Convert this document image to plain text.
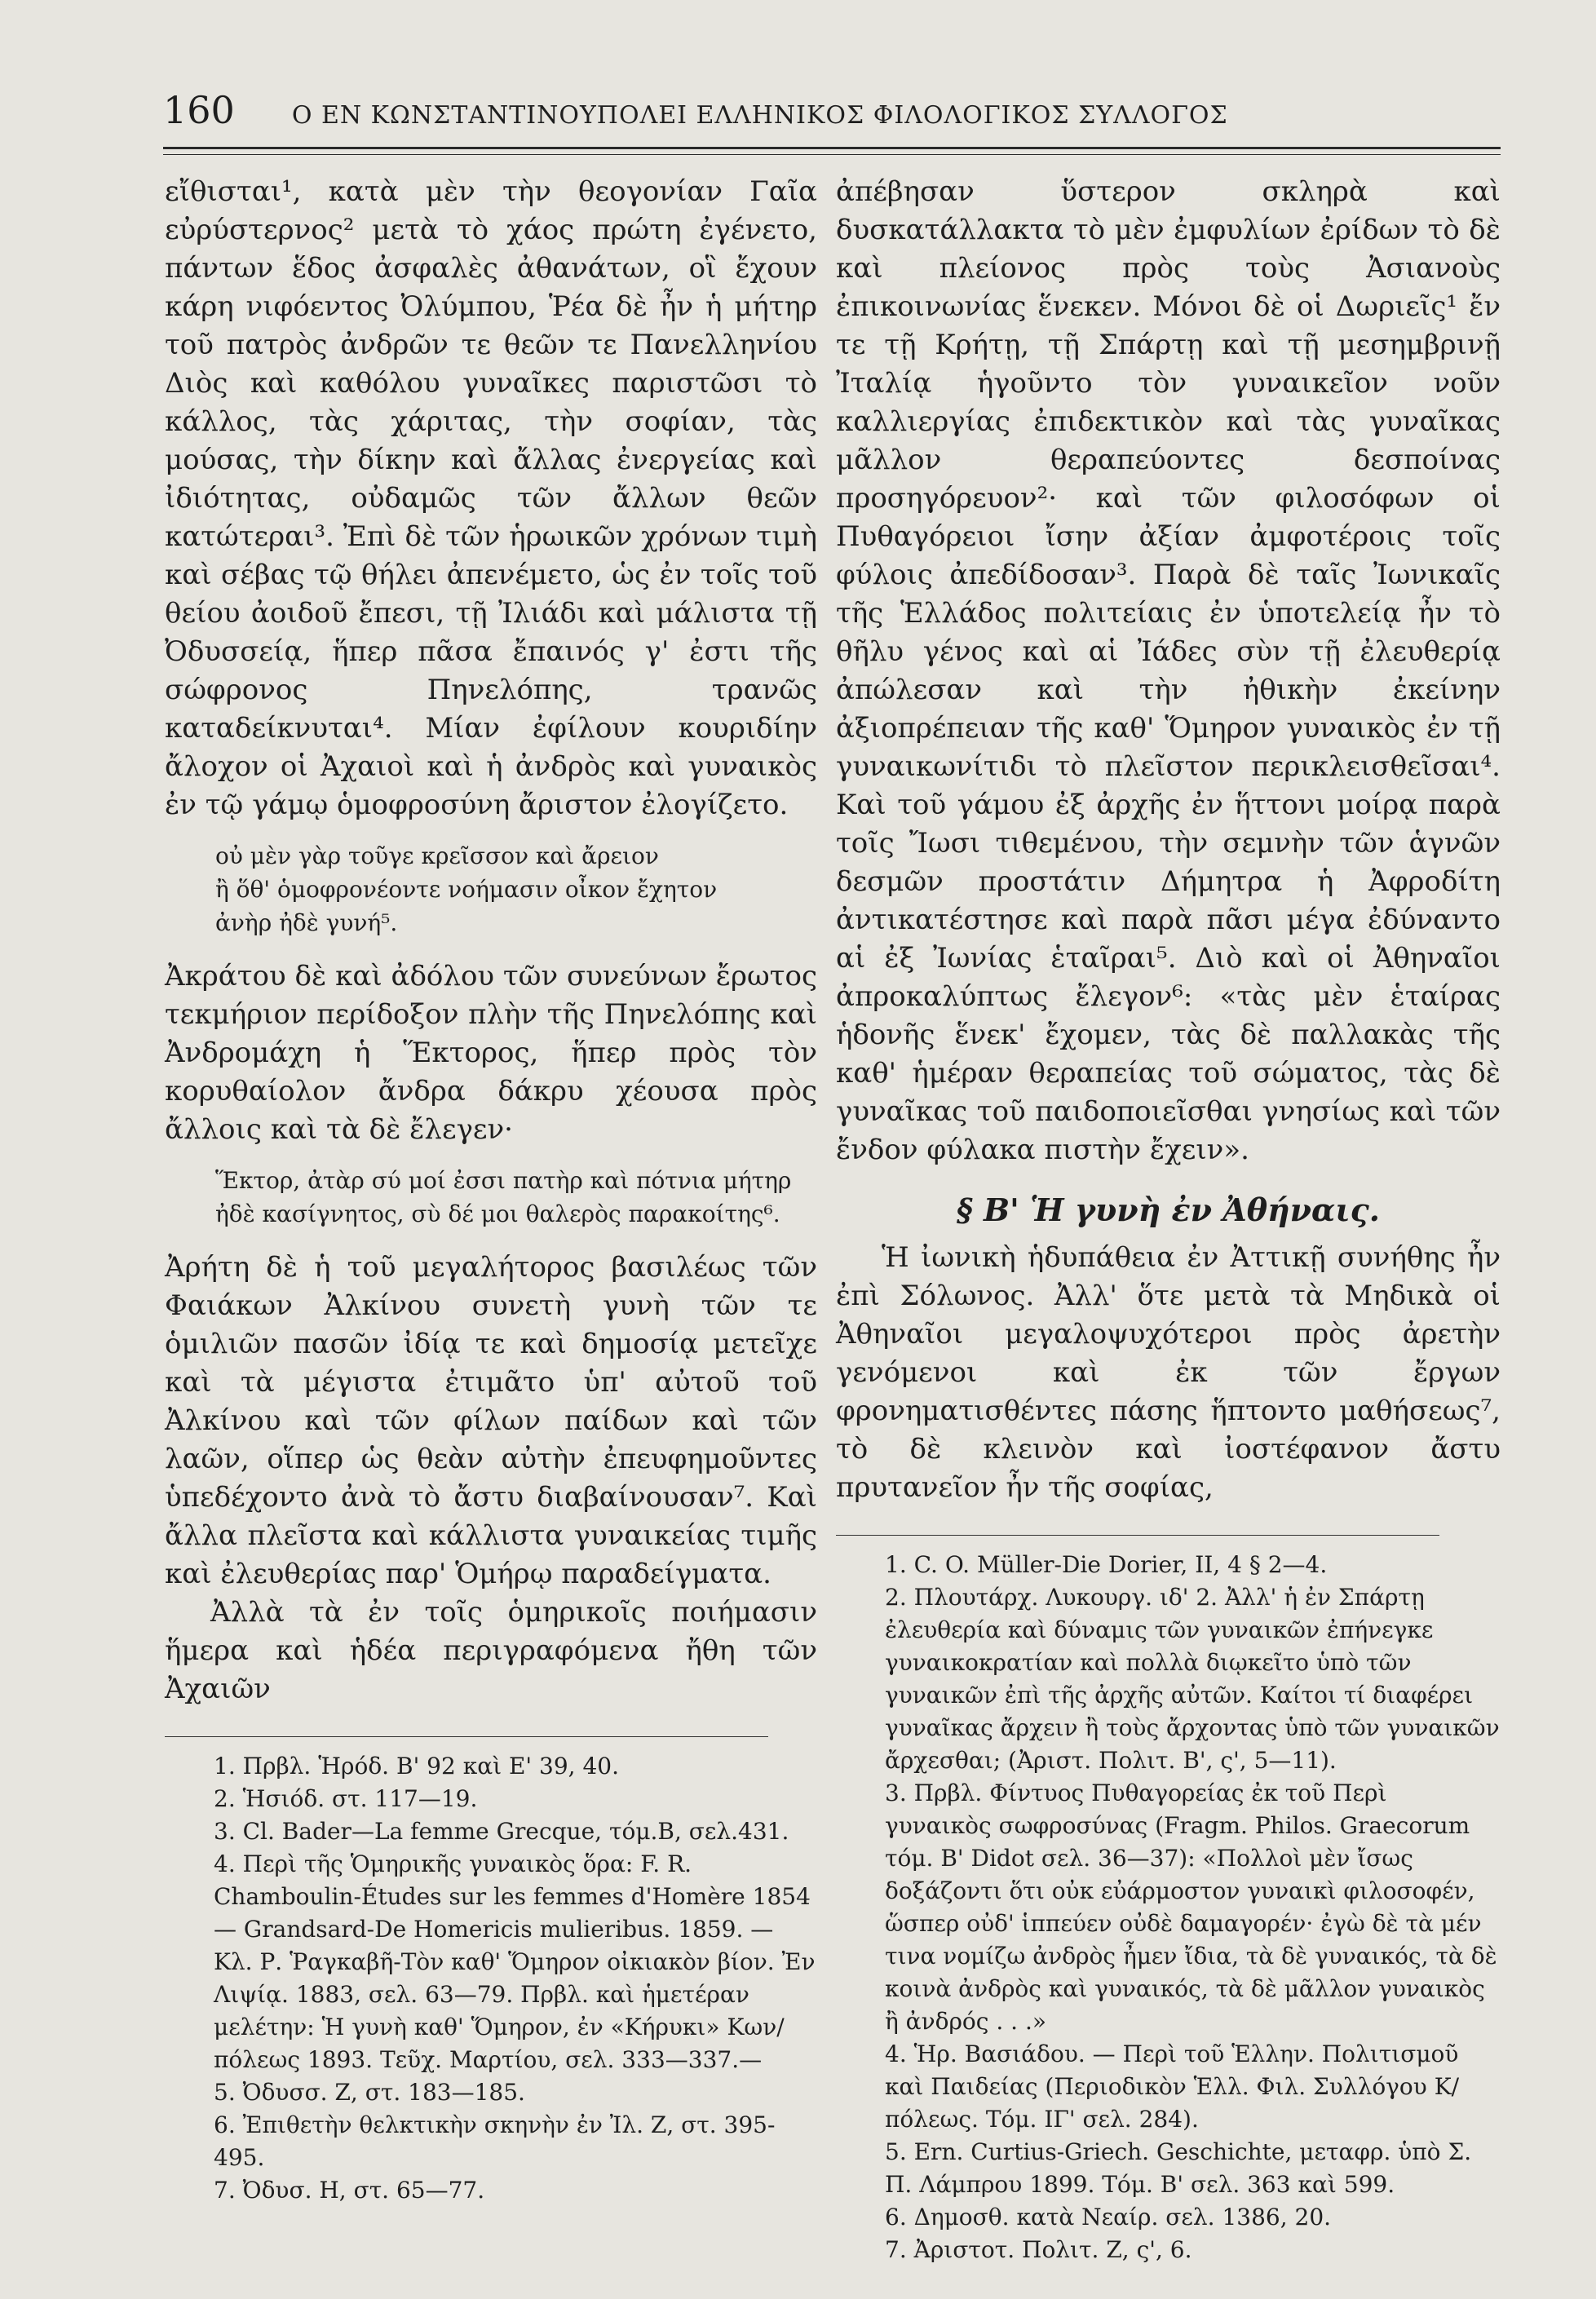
160 Ο ΕΝ ΚΩΝΣΤΑΝΤΙΝΟΥΠΟΛΕΙ ΕΛΛΗΝΙΚΟΣ ΦΙΛΟΛΟΓΙΚΟΣ ΣΥΛΛΟΓΟΣ

εἴθισται¹, κατὰ μὲν τὴν θεογονίαν Γαῖα εὐρύστερνος² μετὰ τὸ χάος πρώτη ἐγένετο, πάντων ἕδος ἀσφαλὲς ἀθανάτων, οἳ ἔχουν κάρη νιφόεντος Ὀλύμπου, Ῥέα δὲ ἦν ἡ μήτηρ τοῦ πατρὸς ἀνδρῶν τε θεῶν τε Πανελληνίου Διὸς καὶ καθόλου γυναῖκες παριστῶσι τὸ κάλλος, τὰς χάριτας, τὴν σοφίαν, τὰς μούσας, τὴν δίκην καὶ ἄλλας ἐνεργείας καὶ ἰδιότητας, οὐδαμῶς τῶν ἄλλων θεῶν κατώτεραι³. Ἐπὶ δὲ τῶν ἡρωικῶν χρόνων τιμὴ καὶ σέβας τῷ θήλει ἀπενέμετο, ὡς ἐν τοῖς τοῦ θείου ἀοιδοῦ ἔπεσι, τῇ Ἰλιάδι καὶ μάλιστα τῇ Ὀδυσσείᾳ, ἥπερ πᾶσα ἔπαινός γ' ἐστι τῆς σώφρονος Πηνελόπης, τρανῶς καταδείκνυται⁴. Μίαν ἐφίλουν κουριδίην ἄλοχον οἱ Ἀχαιοὶ καὶ ἡ ἀνδρὸς καὶ γυναικὸς ἐν τῷ γάμῳ ὁμοφροσύνη ἄριστον ἐλογίζετο.

οὐ μὲν γὰρ τοῦγε κρεῖσσον καὶ ἄρειον
ἢ ὅθ' ὁμοφρονέοντε νοήμασιν οἶκον ἔχητον
ἀνὴρ ἠδὲ γυνή⁵.

Ἀκράτου δὲ καὶ ἀδόλου τῶν συνεύνων ἔρωτος τεκμήριον περίδοξον πλὴν τῆς Πηνελόπης καὶ Ἀνδρομάχη ἡ Ἕκτορος, ἥπερ πρὸς τὸν κορυθαίολον ἄνδρα δάκρυ χέουσα πρὸς ἄλλοις καὶ τὰ δὲ ἔλεγεν·

Ἕκτορ, ἀτὰρ σύ μοί ἐσσι πατὴρ καὶ πότνια μήτηρ
ἠδὲ κασίγνητος, σὺ δέ μοι θαλερὸς παρακοίτης⁶.

Ἀρήτη δὲ ἡ τοῦ μεγαλήτορος βασιλέως τῶν Φαιάκων Ἀλκίνου συνετὴ γυνὴ τῶν τε ὁμιλιῶν πασῶν ἰδίᾳ τε καὶ δημοσίᾳ μετεῖχε καὶ τὰ μέγιστα ἐτιμᾶτο ὑπ' αὐτοῦ τοῦ Ἀλκίνου καὶ τῶν φίλων παίδων καὶ τῶν λαῶν, οἵπερ ὡς θεὰν αὐτὴν ἐπευφημοῦντες ὑπεδέχοντο ἀνὰ τὸ ἄστυ διαβαίνουσαν⁷. Καὶ ἄλλα πλεῖστα καὶ κάλλιστα γυναικείας τιμῆς καὶ ἐλευθερίας παρ' Ὁμήρῳ παραδείγματα.

Ἀλλὰ τὰ ἐν τοῖς ὁμηρικοῖς ποιήμασιν ἥμερα καὶ ἡδέα περιγραφόμενα ἤθη τῶν Ἀχαιῶν

1. Πρβλ. Ἡρόδ. Β' 92 καὶ Ε' 39, 40.

2. Ἡσιόδ. στ. 117—19.

3. Cl. Bader—La femme Grecque, τόμ.Β, σελ.431.

4. Περὶ τῆς Ὁμηρικῆς γυναικὸς ὅρα: F. R. Chamboulin-Études sur les femmes d'Homère 1854 — Grandsard-De Homericis mulieribus. 1859. — Κλ. Ρ. Ῥαγκαβῆ-Τὸν καθ' Ὅμηρον οἰκιακὸν βίον. Ἐν Λιψίᾳ. 1883, σελ. 63—79. Πρβλ. καὶ ἡμετέραν μελέτην: Ἡ γυνὴ καθ' Ὅμηρον, ἐν «Κήρυκι» Κων/πόλεως 1893. Τεῦχ. Μαρτίου, σελ. 333—337.—

5. Ὀδυσσ. Ζ, στ. 183—185.

6. Ἐπιθετὴν θελκτικὴν σκηνὴν ἐν Ἰλ. Ζ, στ. 395-495.

7. Ὀδυσ. Η, στ. 65—77.

ἀπέβησαν ὕστερον σκληρὰ καὶ δυσκατάλλακτα τὸ μὲν ἐμφυλίων ἐρίδων τὸ δὲ καὶ πλείονος πρὸς τοὺς Ἀσιανοὺς ἐπικοινωνίας ἕνεκεν. Μόνοι δὲ οἱ Δωριεῖς¹ ἔν τε τῇ Κρήτῃ, τῇ Σπάρτῃ καὶ τῇ μεσημβρινῇ Ἰταλίᾳ ἡγοῦντο τὸν γυναικεῖον νοῦν καλλιεργίας ἐπιδεκτικὸν καὶ τὰς γυναῖκας μᾶλλον θεραπεύοντες δεσποίνας προσηγόρευον²· καὶ τῶν φιλοσόφων οἱ Πυθαγόρειοι ἴσην ἀξίαν ἀμφοτέροις τοῖς φύλοις ἀπεδίδοσαν³. Παρὰ δὲ ταῖς Ἰωνικαῖς τῆς Ἑλλάδος πολιτείαις ἐν ὑποτελείᾳ ἦν τὸ θῆλυ γένος καὶ αἱ Ἰάδες σὺν τῇ ἐλευθερίᾳ ἀπώλεσαν καὶ τὴν ἠθικὴν ἐκείνην ἀξιοπρέπειαν τῆς καθ' Ὅμηρον γυναικὸς ἐν τῇ γυναικωνίτιδι τὸ πλεῖστον περικλεισθεῖσαι⁴. Καὶ τοῦ γάμου ἐξ ἀρχῆς ἐν ἥττονι μοίρᾳ παρὰ τοῖς Ἴωσι τιθεμένου, τὴν σεμνὴν τῶν ἁγνῶν δεσμῶν προστάτιν Δήμητρα ἡ Ἀφροδίτη ἀντικατέστησε καὶ παρὰ πᾶσι μέγα ἐδύναντο αἱ ἐξ Ἰωνίας ἑταῖραι⁵. Διὸ καὶ οἱ Ἀθηναῖοι ἀπροκαλύπτως ἔλεγον⁶: «τὰς μὲν ἑταίρας ἡδονῆς ἕνεκ' ἔχομεν, τὰς δὲ παλλακὰς τῆς καθ' ἡμέραν θεραπείας τοῦ σώματος, τὰς δὲ γυναῖκας τοῦ παιδοποιεῖσθαι γνησίως καὶ τῶν ἔνδον φύλακα πιστὴν ἔχειν».

§ Β' Ἡ γυνὴ ἐν Ἀθήναις.

Ἡ ἰωνικὴ ἡδυπάθεια ἐν Ἀττικῇ συνήθης ἦν ἐπὶ Σόλωνος. Ἀλλ' ὅτε μετὰ τὰ Μηδικὰ οἱ Ἀθηναῖοι μεγαλοψυχότεροι πρὸς ἀρετὴν γενόμενοι καὶ ἐκ τῶν ἔργων φρονηματισθέντες πάσης ἥπτοντο μαθήσεως⁷, τὸ δὲ κλεινὸν καὶ ἰοστέφανον ἄστυ πρυτανεῖον ἦν τῆς σοφίας,

1. C. O. Müller-Die Dorier, II, 4 § 2—4.

2. Πλουτάρχ. Λυκουργ. ιδ' 2. Ἀλλ' ἡ ἐν Σπάρτῃ ἐλευθερία καὶ δύναμις τῶν γυναικῶν ἐπήνεγκε γυναικοκρατίαν καὶ πολλὰ διῳκεῖτο ὑπὸ τῶν γυναικῶν ἐπὶ τῆς ἀρχῆς αὐτῶν. Καίτοι τί διαφέρει γυναῖκας ἄρχειν ἢ τοὺς ἄρχοντας ὑπὸ τῶν γυναικῶν ἄρχεσθαι; (Ἀριστ. Πολιτ. Β', ς', 5—11).

3. Πρβλ. Φίντυος Πυθαγορείας ἐκ τοῦ Περὶ γυναικὸς σωφροσύνας (Fragm. Philos. Graecorum τόμ. Β' Didot σελ. 36—37): «Πολλοὶ μὲν ἴσως δοξάζοντι ὅτι οὐκ εὐάρμοστον γυναικὶ φιλοσοφέν, ὥσπερ οὐδ' ἱππεύεν οὐδὲ δαμαγορέν· ἐγὼ δὲ τὰ μέν τινα νομίζω ἀνδρὸς ἦμεν ἴδια, τὰ δὲ γυναικός, τὰ δὲ κοινὰ ἀνδρὸς καὶ γυναικός, τὰ δὲ μᾶλλον γυναικὸς ἢ ἀνδρός . . .»

4. Ἡρ. Βασιάδου. — Περὶ τοῦ Ἑλλην. Πολιτισμοῦ καὶ Παιδείας (Περιοδικὸν Ἑλλ. Φιλ. Συλλόγου Κ/πόλεως. Τόμ. ΙΓ' σελ. 284).

5. Ern. Curtius-Griech. Geschichte, μεταφρ. ὑπὸ Σ. Π. Λάμπρου 1899. Τόμ. Β' σελ. 363 καὶ 599.

6. Δημοσθ. κατὰ Νεαίρ. σελ. 1386, 20.

7. Ἀριστοτ. Πολιτ. Ζ, ς', 6.
